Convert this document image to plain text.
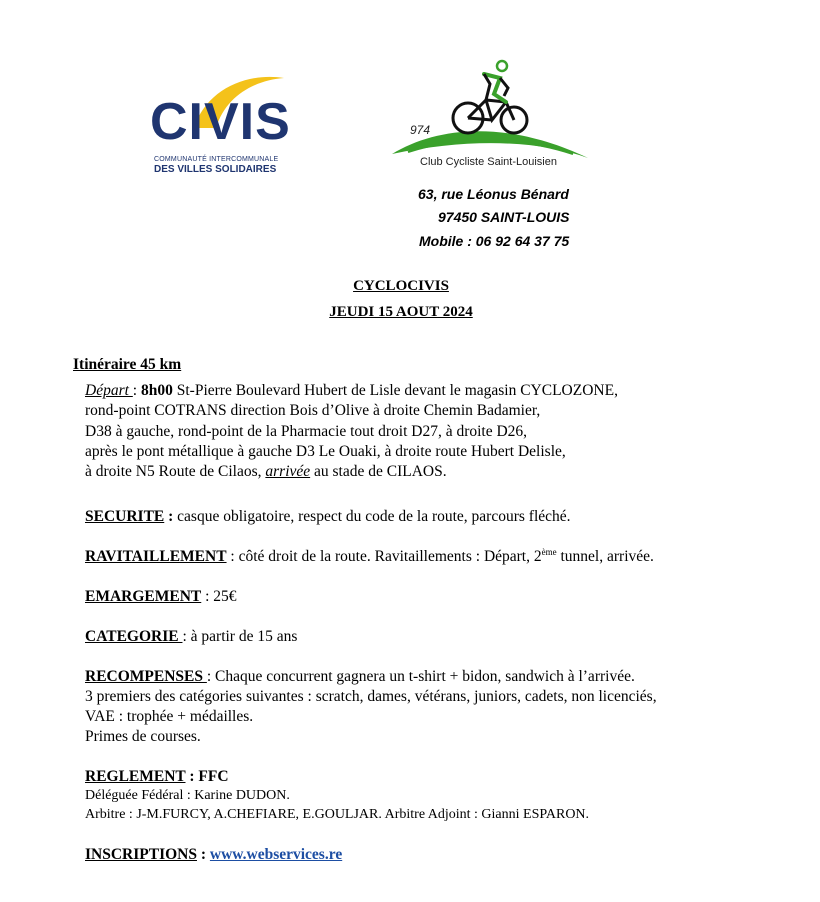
CIVIS
COMMUNAUTÉ INTERCOMMUNALE
DES VILLES SOLIDAIRES
974
Club Cycliste Saint-Louisien
63, rue Léonus Bénard
97450 SAINT-LOUIS
Mobile : 06 92 64 37 75
CYCLOCIVIS
JEUDI 15 AOUT 2024
Itinéraire 45 km
Départ : 8h00 St-Pierre Boulevard Hubert de Lisle devant le magasin CYCLOZONE,
rond-point COTRANS direction Bois d’Olive à droite Chemin Badamier,
D38 à gauche, rond-point de la Pharmacie tout droit D27, à droite D26,
après le pont métallique à gauche D3 Le Ouaki, à droite route Hubert Delisle,
à droite N5 Route de Cilaos, arrivée au stade de CILAOS.
SECURITE : casque obligatoire, respect du code de la route, parcours fléché.
RAVITAILLEMENT : côté droit de la route. Ravitaillements : Départ, 2ème tunnel, arrivée.
EMARGEMENT : 25€
CATEGORIE : à partir de 15 ans
RECOMPENSES : Chaque concurrent gagnera un t-shirt + bidon, sandwich à l’arrivée.
3 premiers des catégories suivantes : scratch, dames, vétérans, juniors, cadets, non licenciés,
VAE : trophée + médailles.
Primes de courses.
REGLEMENT : FFC
Déléguée Fédéral : Karine DUDON.
Arbitre : J-M.FURCY, A.CHEFIARE, E.GOULJAR. Arbitre Adjoint : Gianni ESPARON.
INSCRIPTIONS : www.webservices.re
